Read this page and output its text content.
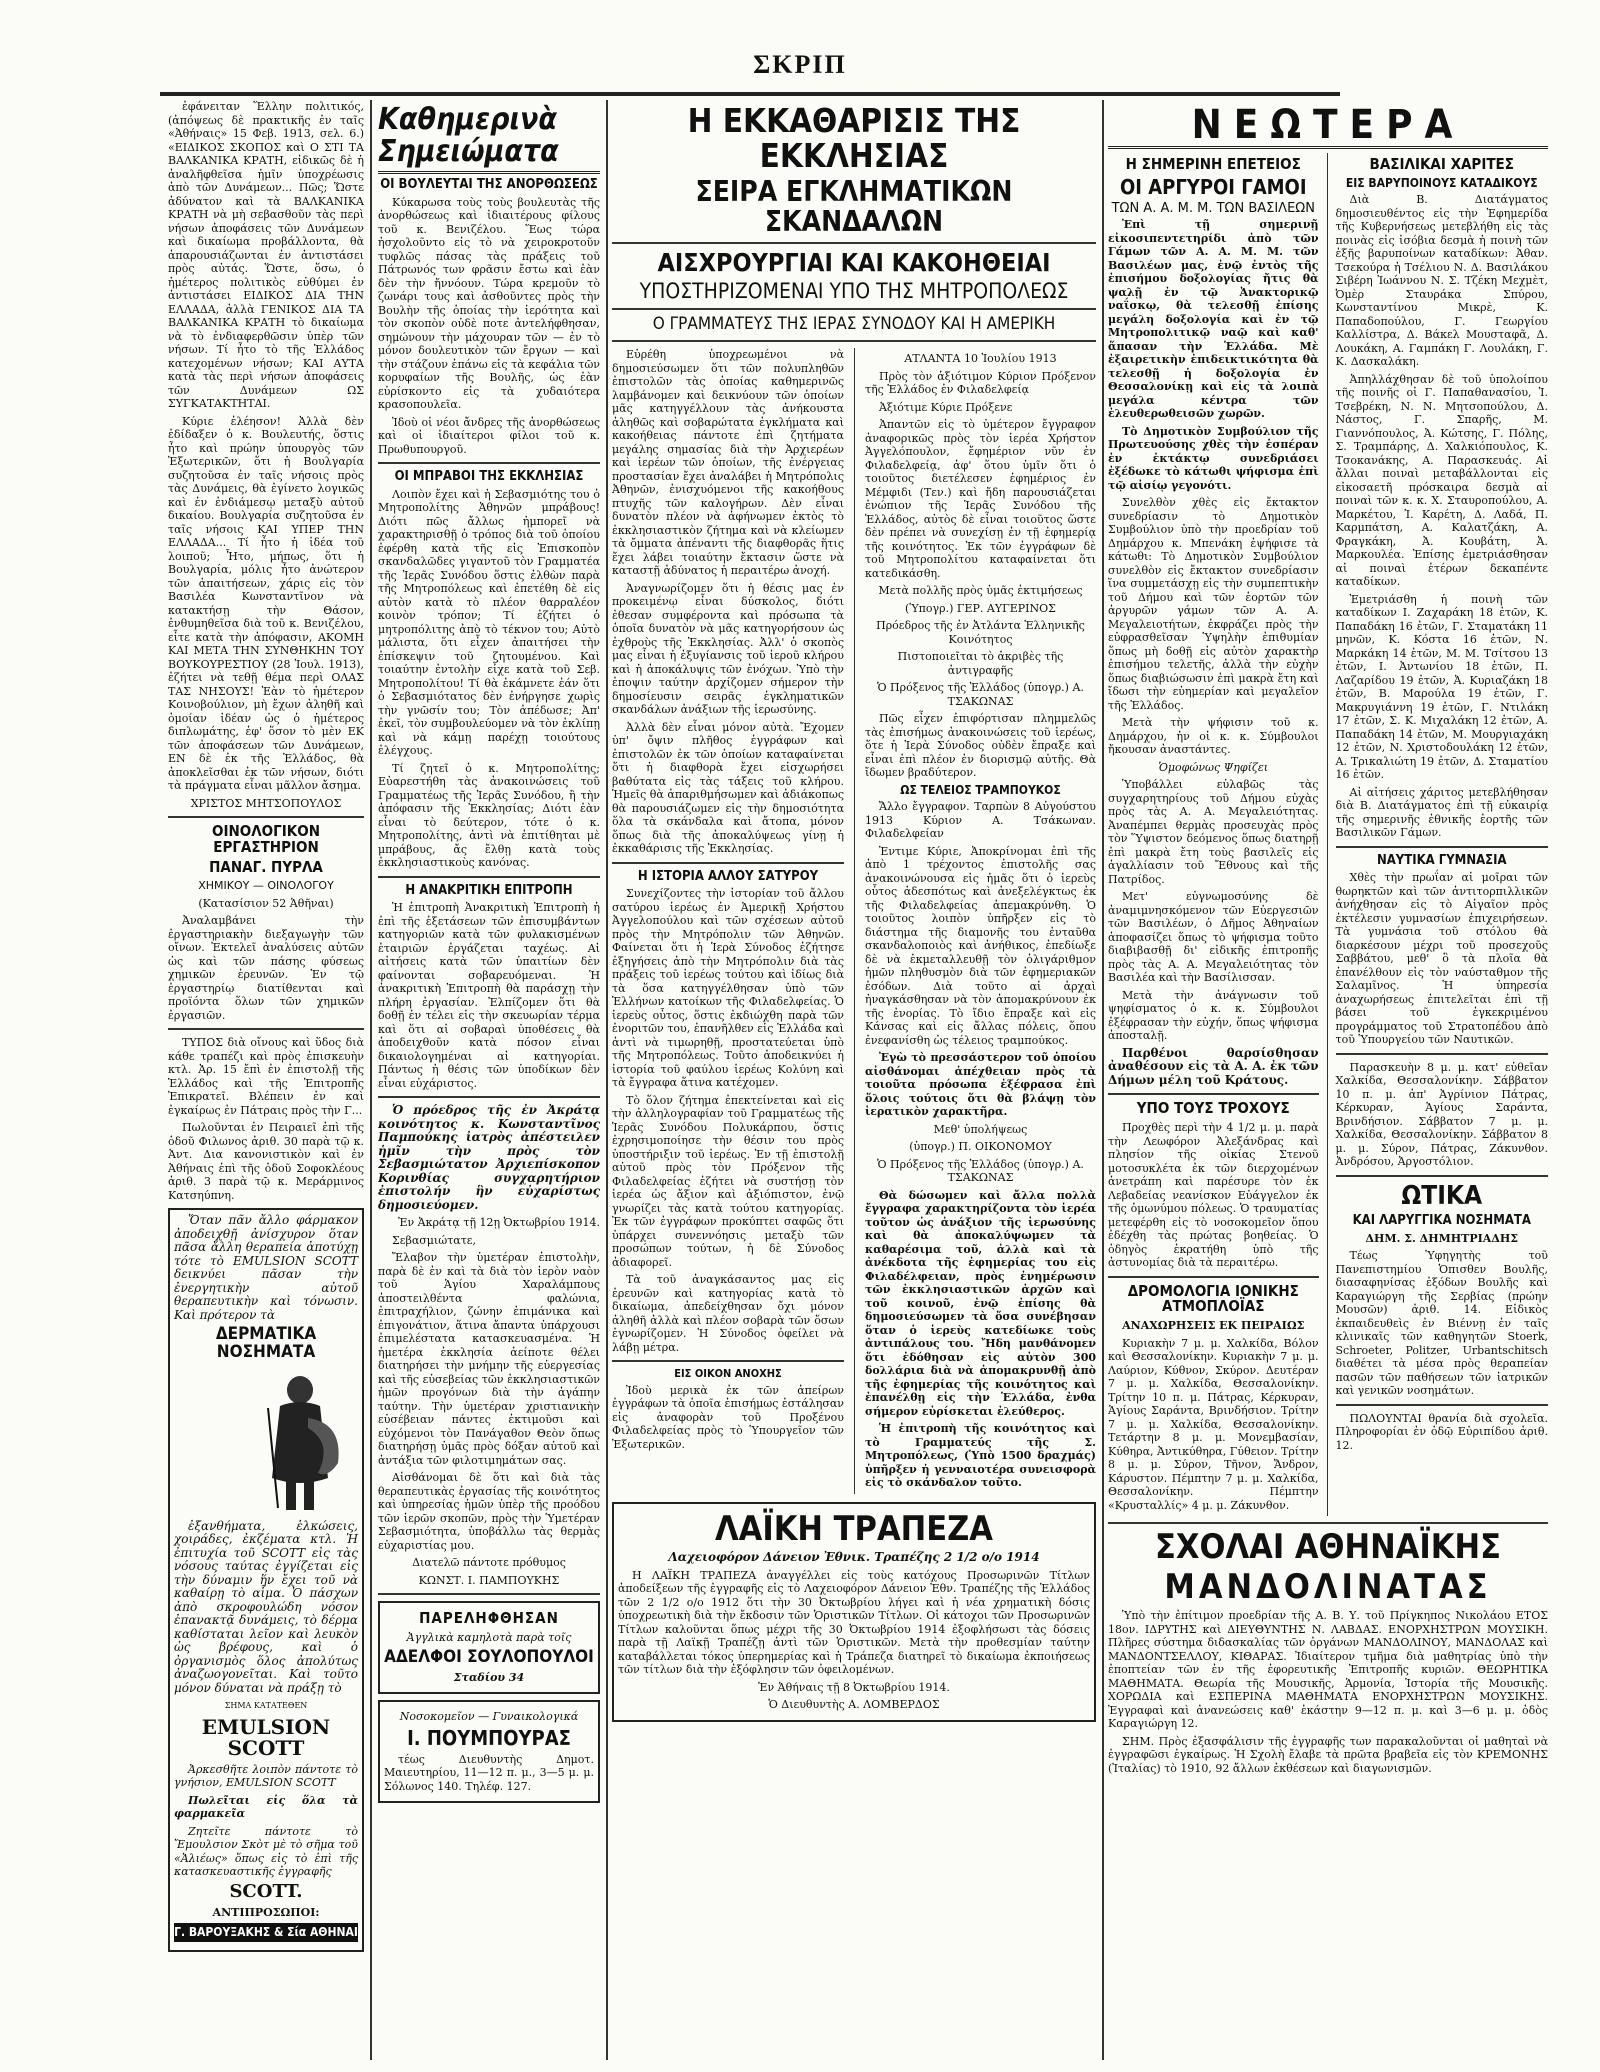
ΣΚΡΙΠ

ἐφάνειταν Ἕλλην πολιτικός, (ἀπόψεως δὲ πρακτικῆς ἐν ταῖς «Ἀθήναις» 15 Φεβ. 1913, σελ. 6.) «ΕΙΔΙΚΟΣ ΣΚΟΠΟΣ καὶ Ο ΣΤΙ ΤΑ ΒΑΛΚΑΝΙΚΑ ΚΡΑΤΗ, εἰδικῶς δὲ ἡ ἀναλῆφθεῖσα ἡμῖν ὑποχρέωσις ἀπὸ τῶν Δυνάμεων... Πῶς; Ὥστε ἀδύνατον καὶ τὰ ΒΑΛΚΑΝΙΚΑ ΚΡΑΤΗ νὰ μὴ σεβασθοῦν τὰς περὶ νήσων ἀποφάσεις τῶν Δυνάμεων καὶ δικαίωμα προβάλλοντα, θὰ ἀπαρουσιάζωνται ἐν ἀντιστάσει πρὸς αὐτάς. Ὥστε, ὅσω, ὁ ἡμέτερος πολιτικὸς εὐθύμει ἐν ἀντιστάσει ΕΙΔΙΚΟΣ ΔΙΑ ΤΗΝ ΕΛΛΑΔΑ, ἀλλὰ ΓΕΝΙΚΟΣ ΔΙΑ ΤΑ ΒΑΛΚΑΝΙΚΑ ΚΡΑΤΗ τὸ δικαίωμα νὰ τὸ ἐνδιαφερθῶσιν ὑπὲρ τῶν νήσων. Τί ἦτο τὸ τῆς Ἑλλάδος κατεχομένων νήσων; ΚΑΙ ΑΥΤΑ κατὰ τὰς περὶ νήσων ἀποφάσεις τῶν Δυνάμεων ΩΣ ΣΥΓΚΑΤΑΚΤΗΤΑΙ.

Κύριε ἐλέησον! Ἀλλὰ δὲν ἐδίδαξεν ὁ κ. Βουλευτής, ὅστις ἦτο καὶ πρώην ὑπουργὸς τῶν Ἐξωτερικῶν, ὅτι ἡ Βουλγαρία συζητοῦσα ἐν ταῖς νήσοις πρὸς τὰς Δυνάμεις, θὰ ἐγίνετο λογικῶς καὶ ἐν ἐνδιάμεσῳ μεταξὺ αὐτοῦ δικαίου. Βουλγαρία συζητοῦσα ἐν ταῖς νήσοις ΚΑΙ ΥΠΕΡ ΤΗΝ ΕΛΛΑΔΑ... Τί ἦτο ἡ ἰδέα τοῦ λοιποῦ; Ἦτο, μήπως, ὅτι ἡ Βουλγαρία, μόλις ἦτο ἀνώτερον τῶν ἀπαιτήσεων, χάρις εἰς τὸν Βασιλέα Κωνσταντῖνον νὰ κατακτήσῃ τὴν Θάσον, ἐνθυμηθεῖσα διὰ τοῦ κ. Βενιζέλου, εἶτε κατὰ τὴν ἀπόφασιν, ΑΚΟΜΗ ΚΑΙ ΜΕΤΑ ΤΗΝ ΣΥΝΘΗΚΗΝ ΤΟΥ ΒΟΥΚΟΥΡΕΣΤΙΟΥ (28 Ἰουλ. 1913), ἐζήτει νὰ τεθῇ θέμα περὶ ΟΛΑΣ ΤΑΣ ΝΗΣΟΥΣ! Ἐὰν τὸ ἡμέτερον Κοινοβούλιον, μὴ ἔχων ἀληθῆ καὶ ὁμοίαν ἰδέαν ὡς ὁ ἡμέτερος διπλωμάτης, ἐφ' ὅσον τὸ μὲν ΕΚ τῶν ἀποφάσεων τῶν Δυνάμεων, ΕΝ δὲ ἐκ τῆς Ἑλλάδος, θὰ ἀποκλεῖσθαι ἐκ τῶν νήσων, διότι τὰ πράγματα εἶναι μᾶλλον ἄσημα.

ΧΡΙΣΤΟΣ ΜΗΤΣΟΠΟΥΛΟΣ
ΟΙΝΟΛΟΓΙΚΟΝ ΕΡΓΑΣΤΗΡΙΟΝ
ΠΑΝΑΓ. ΠΥΡΛΑ
ΧΗΜΙΚΟΥ — ΟΙΝΟΛΟΓΟΥ
(Κατασίσιον 52 Ἀθῆναι)

Ἀναλαμβάνει τὴν ἐργαστηριακὴν διεξαγωγὴν τῶν οἴνων. Ἐκτελεῖ ἀναλύσεις αὐτῶν ὡς καὶ τῶν πάσης φύσεως χημικῶν ἐρευνῶν. Ἐν τῷ ἐργαστηρίῳ διατίθενται καὶ προϊόντα ὅλων τῶν χημικῶν ἐργασιῶν.

ΤΥΠΟΣ διὰ οἴνους καὶ ὕδος διὰ κάθε τραπέζι καὶ πρὸς ἐπισκευὴν κτλ. Ἀρ. 15 ἔπὶ ἐν ἐπιστολῇ τῆς Ἑλλάδος καὶ τῆς Ἐπιτροπῆς Ἐπικρατεῖ. Βλέπειν ἐν καὶ ἐγκαίρως ἐν Πάτραις πρὸς τὴν Γ...

Πωλοῦνται ἐν Πειραιεῖ ἐπὶ τῆς ὁδοῦ Φιλωνος ἀριθ. 30 παρὰ τῷ κ. Ἀντ. Δια κανονιστικὸν καὶ ἐν Ἀθήναις ἐπὶ τῆς ὁδοῦ Σοφοκλέους ἀριθ. 3 παρὰ τῷ κ. Μεράρμινος Κατσηύπνη.

Ὅταν πᾶν ἄλλο φάρμακον ἀποδειχθῇ ἀνίσχυρον ὅταν πᾶσα ἄλλη θεραπεία ἀποτύχῃ τότε τὸ EMULSION SCOTT δεικνύει πᾶσαν τὴν ἐνεργητικὴν αὐτοῦ θεραπευτικὴν καὶ τόνωσιν. Καὶ πρότερον τὰ

ΔΕΡΜΑΤΙΚΑ ΝΟΣΗΜΑΤΑ

ἐξανθήματα, ἑλκώσεις, χοιράδες, ἐκζέματα κτλ. Ἡ ἐπιτυχία τοῦ SCOTT εἰς τὰς νόσους ταύτας ἐγγίζεται εἰς τὴν δύναμιν ἥν ἔχει τοῦ νὰ καθαίρῃ τὸ αἷμα. Ὁ πάσχων ἀπὸ σκροφουλώδη νόσον ἐπανακτᾷ δυνάμεις, τὸ δέρμα καθίσταται λεῖον καὶ λευκὸν ὡς βρέφους, καὶ ὁ ὀργανισμὸς ὅλος ἀπολύτως ἀναζωογονεῖται. Καὶ τοῦτο μόνον δύναται νὰ πράξῃ τὸ

ΣΗΜΑ ΚΑΤΑΤΕΘΕΝ
EMULSION SCOTT

Ἀρκεσθῆτε λοιπὸν πάντοτε τὸ γνήσιον, EMULSION SCOTT

Πωλεῖται εἰς ὅλα τὰ φαρμακεῖα

Ζητεῖτε πάντοτε τὸ Ἔμουλσιον Σκὸτ μὲ τὸ σῆμα τοῦ «Ἀλιέως» ὅπως εἰς τὸ ἐπὶ τῆς κατασκευαστικῆς ἐγγραφῆς

SCOTT.
ΑΝΤΙΠΡΟΣΩΠΟΙ:
Γ. ΒΑΡΟΥΞΑΚΗΣ & Σία ΑΘΗΝΑΙ
Καθημερινὰ Σημειώματα
ΟΙ ΒΟΥΛΕΥΤΑΙ ΤΗΣ ΑΝΟΡΘΩΣΕΩΣ

Κύκαρωσα τοὺς τοὺς βουλευτὰς τῆς ἀνορθώσεως καὶ ἰδιαιτέρους φίλους τοῦ κ. Βενιζέλου. Ἕως τώρα ἠσχολοῦντο εἰς τὸ νὰ χειροκροτοῦν τυφλῶς πάσας τὰς πράξεις τοῦ Πάτρωνός των φρᾶσιν ἔστω καὶ ἐὰν δὲν τὴν ἤννόουν. Τώρα κρεμοῦν τὸ ζωνάρι τους καὶ ἀσθοῦντες πρὸς τὴν Βουλὴν τῆς ὁποίας τὴν ἱερότητα καὶ τὸν σκοπὸν οὐδὲ ποτε ἀντελήφθησαν, σημώνουν τὴν μάχουραν τῶν — ἐν τὸ μόνον δουλευτικὸν τῶν ἔργων — καὶ τὴν στάζουν ἐπάνω εἰς τὰ κεφάλια τῶν κορυφαίων τῆς Βουλῆς, ὡς ἐὰν εὐρίσκοντο εἰς τὰ χυδαιότερα κρασοπουλεῖα.

Ἰδοὺ οἱ νέοι ἄνδρες τῆς ἀνορθώσεως καὶ οἱ ἰδιαίτεροι φίλοι τοῦ κ. Πρωθυπουργοῦ.

ΟΙ ΜΠΡΑΒΟΙ ΤΗΣ ΕΚΚΛΗΣΙΑΣ

Λοιπὸν ἔχει καὶ ἡ Σεβασμιότης του ὁ Μητροπολίτης Ἀθηνῶν μπράβους! Διότι πῶς ἄλλως ἠμπορεῖ νὰ χαρακτηρισθῇ ὁ τρόπος διὰ τοῦ ὁποίου ἐφέρθη κατὰ τῆς εἰς Ἐπισκοπὸν σκανδαλῶδες γιγαντοῦ τὸν Γραμματέα τῆς Ἱερᾶς Συνόδου ὅστις ἐλθὼν παρὰ τῆς Μητροπόλεως καὶ ἐπετέθη δὲ εἰς αὐτὸν κατὰ τὸ πλέον θαρραλέον κοινὸν τρόπον; Τί ἐζήτει ὁ μητροπόλιτης ἀπὸ τὸ τέκνον του; Αὐτὸ μάλιστα, ὅτι εἶχεν ἀπαιτήσει τὴν ἐπίσκεψιν τοῦ ζητουμένου. Καὶ τοιαύτην ἐντολὴν εἶχε κατὰ τοῦ Σεβ. Μητροπολίτου! Τί θὰ ἐκάμνετε ἐάν ὅτι ὁ Σεβασμιότατος δὲν ἐνήργησε χωρὶς τὴν γνῶσίν του; Τὸν ἀπέδωσε; Ἀπ' ἐκεῖ, τὸν συμβουλεύομεν νὰ τὸν ἐκλίπῃ καὶ νὰ κάμῃ παρέχῃ τοιούτους ἐλέγχους.

Τί ζητεῖ ὁ κ. Μητροπολίτης; Εὐαρεστήθη τὰς ἀνακοινώσεις τοῦ Γραμματέως τῆς Ἱερᾶς Συνόδου, ἢ τὴν ἀπόφασιν τῆς Ἐκκλησίας; Διότι ἐὰν εἶναι τὸ δεύτερον, τότε ὁ κ. Μητροπολίτης, ἀντὶ νὰ ἐπιτίθηται μὲ μπράβους, ἄς ἔλθῃ κατὰ τοὺς ἐκκλησιαστικοὺς κανόνας.

Η ΑΝΑΚΡΙΤΙΚΗ ΕΠΙΤΡΟΠΗ

Ἡ ἐπιτροπὴ Ἀνακριτικὴ Ἐπιτροπὴ ἡ ἐπὶ τῆς ἐξετάσεων τῶν ἐπισυμβάντων κατηγοριῶν κατὰ τῶν φυλακισμένων ἑταιριῶν ἐργάζεται ταχέως. Αἱ αἰτήσεις κατὰ τῶν ὑπαιτίων δὲν φαίνονται σοβαρευόμεναι. Ἡ ἀνακριτικὴ Ἐπιτροπὴ θὰ παράσχῃ τὴν πλήρη ἐργασίαν. Ἐλπίζομεν ὅτι θὰ δοθῇ ἐν τέλει εἰς τὴν σκευωρίαν τέρμα καὶ ὅτι αἱ σοβαραὶ ὑποθέσεις θὰ ἀποδειχθοῦν κατὰ πόσον εἶναι δικαιολογημέναι αἱ κατηγορίαι. Πάντως ἡ θέσις τῶν ὑποδίκων δὲν εἶναι εὐχάριστος.

Ὁ πρόεδρος τῆς ἐν Ἀκράτᾳ κοινότητος κ. Κωνσταντῖνος Παμπούκης ἰατρὸς ἀπέστειλεν ἡμῖν τὴν πρὸς τὸν Σεβασμιώτατον Ἀρχιεπίσκοπον Κορινθίας συγχαρητήριον ἐπιστολήν ἣν εὐχαρίστως δημοσιεύομεν.

Ἐν Ἀκράτᾳ τῇ 12ῃ Ὀκτωβρίου 1914.

Σεβασμιώτατε,

Ἔλαβον τὴν ὑμετέραν ἐπιστολὴν, παρὰ δὲ ἐν καὶ τὰ διὰ τὸν ἱερὸν ναὸν τοῦ Ἁγίου Χαραλάμπους ἀποστειλθέντα φαλώνια, ἐπιτραχήλιον, ζώνην ἐπιμάνικα καὶ ἐπιγονάτιον, ἅτινα ἄπαντα ὑπάρχουσι ἐπιμελέστατα κατασκευασμένα. Ἡ ἡμετέρα ἐκκλησία ἀείποτε θέλει διατηρήσει τὴν μνήμην τῆς εὐεργεσίας καὶ τῆς εὐσεβείας τῶν ἐκκλησιαστικῶν ἡμῶν προγόνων διὰ τὴν ἀγάπην ταύτην. Τὴν ὑμετέραν χριστιανικὴν εὐσέβειαν πάντες ἐκτιμοῦσι καὶ εὐχόμενοι τὸν Πανάγαθον Θεὸν ὅπως διατηρήσῃ ὑμᾶς πρὸς δόξαν αὐτοῦ καὶ ἀντάξια τῶν φιλοτιμημάτων σας.

Αἰσθάνομαι δὲ ὅτι καὶ διὰ τὰς θεραπευτικὰς ἐργασίας τῆς κοινότητος καὶ ὑπηρεσίας ἡμῶν ὑπὲρ τῆς προόδου τῶν ἱερῶν σκοπῶν, πρὸς τὴν Ὑμετέραν Σεβασμιότητα, ὑποβάλλω τὰς θερμὰς εὐχαριστίας μου.

Διατελῶ πάντοτε πρόθυμος
ΚΩΝΣΤ. Ι. ΠΑΜΠΟΥΚΗΣ
ΠΑΡΕΛΗΦΘΗΣΑΝ
Ἀγγλικὰ καμηλοτὰ παρὰ τοῖς
ΑΔΕΛΦΟΙ ΣΟΥΛΟΠΟΥΛΟΙ
Σταδίου 34
Νοσοκομεῖον — Γυναικολογικά
Ι. ΠΟΥΜΠΟΥΡΑΣ

τέως Διευθυντὴς Δημοτ. Μαιευτηρίου, 11—12 π. μ., 3—5 μ. μ. Σόλωνος 140. Τηλέφ. 127.

Η ΕΚΚΑΘΑΡΙΣΙΣ ΤΗΣ ΕΚΚΛΗΣΙΑΣ
ΣΕΙΡΑ ΕΓΚΛΗΜΑΤΙΚΩΝ ΣΚΑΝΔΑΛΩΝ
ΑΙΣΧΡΟΥΡΓΙΑΙ ΚΑΙ ΚΑΚΟΗΘΕΙΑΙ
ΥΠΟΣΤΗΡΙΖΟΜΕΝΑΙ ΥΠΟ ΤΗΣ ΜΗΤΡΟΠΟΛΕΩΣ
Ο ΓΡΑΜΜΑΤΕΥΣ ΤΗΣ ΙΕΡΑΣ ΣΥΝΟΔΟΥ ΚΑΙ Η ΑΜΕΡΙΚΗ

Εὑρέθη ὑποχρεωμένοι νὰ δημοσιεύσωμεν ὅτι τῶν πολυπληθῶν ἐπιστολῶν τὰς ὁποίας καθημερινῶς λαμβάνομεν καὶ δεικνύουν τῶν ὁποίων μᾶς κατηγγέλλουν τὰς ἀνήκουστα ἀληθῶς καὶ σοβαρώτατα ἐγκλήματα καὶ κακοήθειας πάντοτε ἐπὶ ζητήματα μεγάλης σημασίας διὰ τὴν Ἀρχιερέων καὶ ἱερέων τῶν ὁποίων, τῆς ἐνέργειας προστασίαν ἔχει ἀναλάβει ἡ Μητρόπολις Ἀθηνῶν, ἐνισχυόμενοι τῆς κακοήθους πτυχῆς τῶν καλογήρων. Δὲν εἶναι δυνατὸν πλέον νὰ ἀφήνωμεν ἐκτὸς τὸ ἐκκλησιαστικὸν ζήτημα καὶ νὰ κλείωμεν τὰ ὄμματα ἀπέναντι τῆς διαφθορᾶς ἥτις ἔχει λάβει τοιαύτην ἔκτασιν ὥστε νὰ καταστῇ ἀδύνατος ἡ περαιτέρω ἀνοχή.

Ἀναγνωρίζομεν ὅτι ἡ θέσις μας ἐν προκειμένῳ εἶναι δύσκολος, διότι ἐθεσαν συμφέροντα καὶ πρόσωπα τὰ ὁποῖα δυνατὸν νὰ μᾶς κατηγορήσουν ὡς ἐχθροὺς τῆς Ἐκκλησίας. Ἀλλ' ὁ σκοπὸς μας εἶναι ἡ ἐξυγίανσις τοῦ ἱεροῦ κλήρου καὶ ἡ ἀποκάλυψις τῶν ἐνόχων. Ὑπὸ τὴν ἐποψιν ταύτην ἀρχίζομεν σήμερον τὴν δημοσίευσιν σειρᾶς ἐγκληματικῶν σκανδάλων ἀνάξιων τῆς ἱερωσύνης.

Ἀλλὰ δὲν εἶναι μόνον αὐτὰ. Ἔχομεν ὑπ' ὄψιν πλῆθος ἐγγράφων καὶ ἐπιστολῶν ἐκ τῶν ὁποίων καταφαίνεται ὅτι ἡ διαφθορὰ ἔχει εἰσχωρήσει βαθύτατα εἰς τὰς τάξεις τοῦ κλήρου. Ἡμεῖς θὰ ἀπαριθμήσωμεν καὶ ἀδιάκοπως θὰ παρουσιάζωμεν εἰς τὴν δημοσιότητα ὅλα τὰ σκάνδαλα καὶ ἄτοπα, μόνον ὅπως διὰ τῆς ἀποκαλύψεως γίνῃ ἡ ἐκκαθάρισις τῆς Ἐκκλησίας.

Η ΙΣΤΟΡΙΑ ΑΛΛΟΥ ΣΑΤΥΡΟΥ

Συνεχίζοντες τὴν ἱστορίαν τοῦ ἄλλου σατύρου ἱερέως ἐν Ἀμερικῇ Χρήστου Ἀγγελοπούλου καὶ τῶν σχέσεων αὐτοῦ πρὸς τὴν Μητρόπολιν τῶν Ἀθηνῶν. Φαίνεται ὅτι ἡ Ἱερὰ Σύνοδος ἐζήτησε ἐξηγήσεις ἀπὸ τὴν Μητρόπολιν διὰ τὰς πράξεις τοῦ ἱερέως τούτου καὶ ἰδίως διὰ τὰ ὅσα κατηγγέλθησαν ὑπὸ τῶν Ἑλλήνων κατοίκων τῆς Φιλαδελφείας. Ὁ ἱερεὺς οὗτος, ὅστις ἐκδιώχθη παρὰ τῶν ἐνοριτῶν του, ἐπανῆλθεν εἰς Ἑλλάδα καὶ ἀντὶ νὰ τιμωρηθῇ, προστατεύεται ὑπὸ τῆς Μητροπόλεως. Τοῦτο ἀποδεικνύει ἡ ἱστορία τοῦ φαύλου ἱερέως Κολύνη καὶ τὰ ἔγγραφα ἅτινα κατέχομεν.

Τὸ ὅλον ζήτημα ἐπεκτείνεται καὶ εἰς τὴν ἀλληλογραφίαν τοῦ Γραμματέως τῆς Ἱερᾶς Συνόδου Πολυκάρπου, ὅστις ἐχρησιμοποίησε τὴν θέσιν του πρὸς ὑποστήριξιν τοῦ ἱερέως. Ἐν τῇ ἐπιστολῇ αὐτοῦ πρὸς τὸν Πρόξενον τῆς Φιλαδελφείας ἐζήτει νὰ συστήσῃ τὸν ἱερέα ὡς ἄξιον καὶ ἀξιόπιστον, ἐνῷ γνωρίζει τὰς κατὰ τούτου κατηγορίας. Ἐκ τῶν ἐγγράφων προκύπτει σαφῶς ὅτι ὑπάρχει συνεννόησις μεταξὺ τῶν προσώπων τούτων, ἡ δὲ Σύνοδος ἀδιαφορεῖ.

Τὰ τοῦ ἀναγκάσαντος μας εἰς ἐρευνῶν καὶ κατηγορίας κατὰ τὸ δικαίωμα, ἀπεδείχθησαν ὄχι μόνον ἀληθῆ ἀλλὰ καὶ πλέον σοβαρὰ τῶν ὅσων ἐγνωρίζομεν. Ἡ Σύνοδος ὀφείλει νὰ λάβῃ μέτρα.

ΕΙΣ ΟΙΚΟΝ ΑΝΟΧΗΣ

Ἰδοὺ μερικὰ ἐκ τῶν ἀπείρων ἐγγράφων τὰ ὁποῖα ἐπισήμως ἐστάλησαν εἰς ἀναφορὰν τοῦ Προξένου Φιλαδελφείας πρὸς τὸ Ὑπουργεῖον τῶν Ἐξωτερικῶν.

ΑΤΛΑΝΤΑ 10 Ἰουλίου 1913

Πρὸς τὸν ἀξιότιμον Κύριον Πρόξενον τῆς Ἑλλάδος ἐν Φιλαδελφείᾳ

Ἀξιότιμε Κύριε Πρόξενε

Ἀπαντῶν εἰς τὸ ὑμέτερον ἔγγραφον ἀναφορικῶς πρὸς τὸν ἱερέα Χρήστον Ἀγγελόπουλον, ἔφημέριον νῦν ἐν Φιλαδελφείᾳ, ἀφ' ὅτου ὑμῖν ὅτι ὁ τοιοῦτος διετέλεσεν ἐφημέριος ἐν Μέμφιδι (Τεν.) καὶ ἤδη παρουσιάζεται ἐνώπιον τῆς Ἱερᾶς Συνόδου τῆς Ἑλλάδος, αὐτὸς δὲ εἶναι τοιοῦτος ὥστε δὲν πρέπει νὰ συνεχίσῃ ἐν τῇ ἐφημερίᾳ τῆς κοινότητος. Ἐκ τῶν ἐγγράφων δὲ τοῦ Μητροπολίτου καταφαίνεται ὅτι κατεδικάσθη.

Μετὰ πολλῆς πρὸς ὑμᾶς ἐκτιμήσεως
(Ὑπογρ.) ΓΕΡ. ΑΥΓΕΡΙΝΟΣ
Πρόεδρος τῆς ἐν Ἀτλάντα Ἑλληνικῆς Κοινότητος
Πιστοποιεῖται τὸ ἀκριβὲς τῆς ἀντιγραφῆς
Ὁ Πρόξενος τῆς Ἑλλάδος (ὑπογρ.) Α. ΤΣΑΚΩΝΑΣ

Πῶς εἶχεν ἐπιφόρτισαν πλημμελῶς τὰς ἐπισήμως ἀνακοινώσεις τοῦ ἱερέως, ὅτε ἡ Ἱερὰ Σύνοδος οὐδὲν ἔπραξε καὶ εἶναι ἐπὶ πλέον ἐν διορισμῷ αὐτῆς. Θὰ ἴδωμεν βραδύτερον.

ΩΣ ΤΕΛΕΙΟΣ ΤΡΑΜΠΟΥΚΟΣ

Ἄλλο ἔγγραφον. Ταρπὼν 8 Αὐγούστου 1913 Κύριον Α. Τσάκωναν. Φιλαδελφείαν

Ἐντιμε Κύριε, Ἀποκρίνομαι ἐπὶ τῆς ἀπὸ 1 τρέχοντος ἐπιστολῆς σας ἀνακοινώνουσα εἰς ἡμᾶς ὅτι ὁ ἱερεὺς οὗτος ἀδεσπότως καὶ ἀνεξελέγκτως ἐκ τῆς Φιλαδελφείας ἀπεμακρύνθη. Ὁ τοιοῦτος λοιπὸν ὑπῆρξεν εἰς τὸ διάστημα τῆς διαμονῆς του ἐνταῦθα σκανδαλοποιὸς καὶ ἀνήθικος, ἐπεδίωξε δὲ νὰ ἐκμεταλλευθῇ τὸν ὀλιγάριθμον ἡμῶν πληθυσμὸν διὰ τῶν ἐφημεριακῶν ἐσόδων. Διὰ τοῦτο αἱ ἀρχαὶ ἠναγκάσθησαν νὰ τὸν ἀπομακρύνουν ἐκ τῆς ἐνορίας. Τὸ ἴδιο ἔπραξε καὶ εἰς Κάνσας καὶ εἰς ἄλλας πόλεις, ὅπου ἐνεφανίσθη ὡς τέλειος τραμπούκος.

Ἐγὼ τὸ πρεσσάστερον τοῦ ὁποίου αἰσθάνομαι ἀπέχθειαν πρὸς τὰ τοιοῦτα πρόσωπα ἐξέφρασα ἐπὶ ὅλοις τούτοις ὅτι θὰ βλάψῃ τὸν ἱερατικὸν χαρακτῆρα.

Μεθ' ὑπολήψεως
(ὑπογρ.) Π. ΟΙΚΟΝΟΜΟΥ
Ὁ Πρόξενος τῆς Ἑλλάδος (ὑπογρ.) Α. ΤΣΑΚΩΝΑΣ

Θὰ δώσωμεν καὶ ἄλλα πολλὰ ἔγγραφα χαρακτηρίζοντα τὸν ἱερέα τοῦτον ὡς ἀνάξιον τῆς ἱερωσύνης καὶ θὰ ἀποκαλύψωμεν τὰ καθαρέσιμα τοῦ, ἀλλὰ καὶ τὰ ἀνέκδοτα τῆς ἐφημερίας του εἰς Φιλαδέλφειαν, πρὸς ἐνημέρωσιν τῶν ἐκκλησιαστικῶν ἀρχῶν καὶ τοῦ κοινοῦ, ἐνῷ ἐπίσης θὰ δημοσιεύσωμεν τὰ ὅσα συνέβησαν ὅταν ὁ ἱερεὺς κατεδίωκε τοὺς ἀντιπάλους του. Ἤδη μανθάνομεν ὅτι ἐδόθησαν εἰς αὐτὸν 300 δολλάρια διὰ νὰ ἀπομακρυνθῇ ἀπὸ τῆς ἐφημερίας τῆς κοινότητος καὶ ἐπανέλθῃ εἰς τὴν Ἑλλάδα, ἐνθα σήμερον εὑρίσκεται ἐλεύθερος.

Ἡ ἐπιτροπὴ τῆς κοινότητος καὶ τὸ Γραμματεύς τῆς Σ. Μητροπόλεως, (Ὑπὸ 1500 δραχμάς) ὑπῆρξεν ἡ γενναιοτέρα συνεισφορὰ εἰς τὸ σκάνδαλον τοῦτο.

ΛΑΪΚΗ ΤΡΑΠΕΖΑ
Λαχειοφόρον Δάνειον Ἐθνικ. Τραπέζης 2 1/2 ο/ο 1914

Η ΛΑΪΚΗ ΤΡΑΠΕΖΑ ἀναγγέλλει εἰς τοὺς κατόχους Προσωρινῶν Τίτλων ἀποδείξεων τῆς ἐγγραφῆς εἰς τὸ Λαχειοφόρον Δάνειον Ἐθν. Τραπέζης τῆς Ἑλλάδος τῶν 2 1/2 ο/ο 1912 ὅτι τὴν 30 Ὀκτωβρίου λήγει καὶ ἡ νέα χρηματικὴ δόσις ὑποχρεωτικὴ διὰ τὴν ἔκδοσιν τῶν Ὁριστικῶν Τίτλων. Οἱ κάτοχοι τῶν Προσωρινῶν Τίτλων καλοῦνται ὅπως μέχρι τῆς 30 Ὀκτωβρίου 1914 ἐξοφλήσωσι τὰς δόσεις παρὰ τῇ Λαϊκῇ Τραπέζῃ ἀντὶ τῶν Ὁριστικῶν. Μετὰ τὴν προθεσμίαν ταύτην καταβάλλεται τόκος ὑπερημερίας καὶ ἡ Τράπεζα διατηρεῖ τὸ δικαίωμα ἐκποιήσεως τῶν τίτλων διὰ τὴν ἐξόφλησιν τῶν ὀφειλομένων.

Ἐν Ἀθήναις τῇ 8 Ὀκτωβρίου 1914.
Ὁ Διευθυντὴς Α. ΛΟΜΒΕΡΔΟΣ
ΝΕΩΤΕΡΑ
Η ΣΗΜΕΡΙΝΗ ΕΠΕΤΕΙΟΣ
ΟΙ ΑΡΓΥΡΟΙ ΓΑΜΟΙ
ΤΩΝ Α. Α. Μ. Μ. ΤΩΝ ΒΑΣΙΛΕΩΝ

Ἐπὶ τῇ σημερινῇ εἰκοσιπεντετηρίδι ἀπὸ τῶν Γάμων τῶν Α. Α. Μ. Μ. τῶν Βασιλέων μας, ἐνῷ ἐντὸς τῆς ἐπισήμου δοξολογίας ἤτις θὰ ψαλῇ ἐν τῷ Ἀνακτορικῷ ναΐσκῳ, θὰ τελεσθῇ ἐπίσης μεγάλη δοξολογία καὶ ἐν τῷ Μητροπολιτικῷ ναῷ καὶ καθ' ἅπασαν τὴν Ἑλλάδα. Μὲ ἐξαιρετικὴν ἐπιδεικτικότητα θὰ τελεσθῇ ἡ δοξολογία ἐν Θεσσαλονίκῃ καὶ εἰς τὰ λοιπὰ μεγάλα κέντρα τῶν ἐλευθερωθεισῶν χωρῶν.

Τὸ Δημοτικὸν Συμβούλιον τῆς Πρωτευούσης χθὲς τὴν ἑσπέραν ἐν ἐκτάκτῳ συνεδριάσει ἐξέδωκε τὸ κάτωθι ψήφισμα ἐπὶ τῷ αἰσίῳ γεγονότι.

Συνελθὸν χθὲς εἰς ἔκτακτον συνεδρίασιν τὸ Δημοτικὸν Συμβούλιον ὑπὸ τὴν προεδρίαν τοῦ Δημάρχου κ. Μπενάκη ἐψήφισε τὰ κάτωθι: Τὸ Δημοτικὸν Συμβούλιον συνελθὸν εἰς ἔκτακτον συνεδρίασιν ἵνα συμμετάσχῃ εἰς τὴν συμπεπτικὴν τοῦ Δήμου καὶ τῶν ἑορτῶν τῶν ἀργυρῶν γάμων τῶν Α. Α. Μεγαλειοτήτων, ἐκφράζει πρὸς τὴν εὐφρασθεῖσαν Ὑψηλὴν ἐπιθυμίαν ὅπως μὴ δοθῇ εἰς αὐτὸν χαρακτὴρ ἐπισήμου τελετῆς, ἀλλὰ τὴν εὐχὴν ὅπως διαβιώσωσιν ἐπὶ μακρὰ ἔτη καὶ ἴδωσι τὴν εὐημερίαν καὶ μεγαλεῖον τῆς Ἑλλάδος.

Μετὰ τὴν ψήφισιν τοῦ κ. Δημάρχου, ἡν οἱ κ. κ. Σύμβουλοι ἤκουσαν ἀναστάντες.

Ὁμοφώνως Ψηφίζει

Ὑποβάλλει εὐλαβῶς τὰς συγχαρητηρίους τοῦ Δήμου εὐχὰς πρὸς τὰς Α. Α. Μεγαλειότητας. Ἀναπέμπει θερμὰς προσευχὰς πρὸς τὸν Ὕψιστον δεόμενος ὅπως διατηρῇ ἐπὶ μακρὰ ἔτη τοὺς βασιλεῖς εἰς ἀγαλλίασιν τοῦ Ἔθνους καὶ τῆς Πατρίδος.

Μετ' εὐγνωμοσύνης δὲ ἀναμιμνησκόμενον τῶν Εὐεργεσιῶν τῶν Βασιλέων, ὁ Δῆμος Ἀθηναίων ἀποφασίζει ὅπως τὸ ψήφισμα τοῦτο διαβιβασθῇ δι' εἰδικῆς ἐπιτροπῆς πρὸς τὰς Α. Α. Μεγαλειότητας τὸν Βασιλέα καὶ τὴν Βασίλισσαν.

Μετὰ τὴν ἀνάγνωσιν τοῦ ψηφίσματος ὁ κ. κ. Σύμβουλοι ἐξέφρασαν τὴν εὐχήν, ὅπως ψήφισμα ἀποσταλῇ.

Παρθένοι θαρσίσθησαν ἀναθέσουν εἰς τὰ Α. Α. ἐκ τῶν Δήμων μέλη τοῦ Κράτους.

ΥΠΟ ΤΟΥΣ ΤΡΟΧΟΥΣ

Προχθὲς περὶ τὴν 4 1/2 μ. μ. παρὰ τὴν Λεωφόρον Ἀλεξάνδρας καὶ πλησίον τῆς οἰκίας Στενοῦ μοτοσυκλέτα ἐκ τῶν διερχομένων ἀνετράπη καὶ παρέσυρε τὸν ἐκ Λεβαδείας νεανίσκον Εὐάγγελον ἐκ τῆς ὁμωνύμου πόλεως. Ὁ τραυματίας μετεφέρθη εἰς τὸ νοσοκομεῖον ὅπου ἐδέχθη τὰς πρώτας βοηθείας. Ὁ ὁδηγὸς ἐκρατήθη ὑπὸ τῆς ἀστυνομίας διὰ τὰ περαιτέρω.

ΔΡΟΜΟΛΟΓΙΑ ΙΟΝΙΚΗΣ ΑΤΜΟΠΛΟΪΑΣ
ΑΝΑΧΩΡΗΣΕΙΣ ΕΚ ΠΕΙΡΑΙΩΣ

Κυριακὴν 7 μ. μ. Χαλκίδα, Βόλον καὶ Θεσσαλονίκην. Κυριακὴν 7 μ. μ. Λαύριον, Κύθνον, Σκύρον. Δευτέραν 7 μ. μ. Χαλκίδα, Θεσσαλονίκην. Τρίτην 10 π. μ. Πάτρας, Κέρκυραν, Ἁγίους Σαράντα, Βρινδήσιον. Τρίτην 7 μ. μ. Χαλκίδα, Θεσσαλονίκην. Τετάρτην 8 μ. μ. Μονεμβασίαν, Κύθηρα, Ἀντικύθηρα, Γύθειον. Τρίτην 8 μ. μ. Σύρον, Τῆνον, Ἄνδρον, Κάρυστον. Πέμπτην 7 μ. μ. Χαλκίδα, Θεσσαλονίκην. Πέμπτην «Κρυσταλλίς» 4 μ. μ. Ζάκυνθον.

ΒΑΣΙΛΙΚΑΙ ΧΑΡΙΤΕΣ
ΕΙΣ ΒΑΡΥΠΟΙΝΟΥΣ ΚΑΤΑΔΙΚΟΥΣ

Διὰ Β. Διατάγματος δημοσιευθέντος εἰς τὴν Ἐφημερίδα τῆς Κυβερνήσεως μετεβλήθη εἰς τὰς ποινὰς εἰς ἰσόβια δεσμὰ ἡ ποινὴ τῶν ἑξῆς βαρυποίνων καταδίκων: Ἀθαν. Τσεκούρα ἡ Τσέλιου Ν. Δ. Βασιλάκου Σιβέρη Ἰωάννου Ν. Σ. Τζέκη Μεχμὲτ, Ὀμὲρ Σταυράκα Σπύρου, Κωνσταντίνου Μικρὲ, Κ. Παπαδοπούλου, Γ. Γεωργίου Καλλίστρα, Δ. Βάκελ Μουσταφᾶ, Δ. Λουκάκη, Α. Γαμπάκη Γ. Λουλάκη, Γ. Κ. Δασκαλάκη.

Ἀπηλλάχθησαν δὲ τοῦ ὑπολοίπου τῆς ποινῆς οἱ Γ. Παπαθανασίου, Ἰ. Τσεβρέκη, Ν. Ν. Μητσοπούλου, Δ. Νάστος, Γ. Σπαρῆς, Μ. Γιαννόπουλος, Ἀ. Κώτσης, Γ. Πόλης, Σ. Τραμπάρης, Δ. Χαλκιόπουλος, Κ. Τσοκανάκης, Α. Παρασκευάς. Αἱ ἄλλαι ποιναὶ μεταβάλλονται εἰς εἰκοσαετῆ πρόσκαιρα δεσμὰ αἱ ποιναὶ τῶν κ. κ. Χ. Σταυροπούλου, Α. Μαρκέτου, Ἰ. Καρέτη, Δ. Λαδά, Π. Καρμπάτση, Α. Καλατζάκη, Α. Φραγκάκη, Ἀ. Κουβάτη, Ἀ. Μαρκουλέα. Ἐπίσης ἐμετριάσθησαν αἱ ποιναὶ ἑτέρων δεκαπέντε καταδίκων.

Ἐμετριάσθη ἡ ποινὴ τῶν καταδίκων Ι. Ζαχαράκη 18 ἐτῶν, Κ. Παπαδάκη 16 ἐτῶν, Γ. Σταματάκη 11 μηνῶν, Κ. Κόστα 16 ἐτῶν, Ν. Μαρκάκη 14 ἐτῶν, Μ. Μ. Τσίτσου 13 ἐτῶν, Ι. Ἀντωνίου 18 ἐτῶν, Π. Λαζαρίδου 19 ἐτῶν, Ἀ. Κυριαζάκη 18 ἐτῶν, Β. Μαρούλα 19 ἐτῶν, Γ. Μακρυγιάννη 19 ἐτῶν, Γ. Ντιλάκη 17 ἐτῶν, Σ. Κ. Μιχαλάκη 12 ἐτῶν, Α. Παπαδάκη 14 ἐτῶν, Μ. Μουργιαχάκη 12 ἐτῶν, Ν. Χριστοδουλάκη 12 ἐτῶν, Α. Τρικαλιώτη 19 ἐτῶν, Δ. Σταματίου 16 ἐτῶν.

Αἱ αἰτήσεις χάριτος μετεβλήθησαν διὰ Β. Διατάγματος ἐπὶ τῇ εὐκαιρίᾳ τῆς σημερινῆς ἐθνικῆς ἑορτῆς τῶν Βασιλικῶν Γάμων.

ΝΑΥΤΙΚΑ ΓΥΜΝΑΣΙΑ

Χθὲς τὴν πρωΐαν αἱ μοῖραι τῶν θωρηκτῶν καὶ τῶν ἀντιτορπιλλικῶν ἀνήχθησαν εἰς τὸ Αἰγαῖον πρὸς ἐκτέλεσιν γυμνασίων ἐπιχειρήσεων. Τὰ γυμνάσια τοῦ στόλου θὰ διαρκέσουν μέχρι τοῦ προσεχοῦς Σαββάτου, μεθ' ὃ τὰ πλοῖα θὰ ἐπανέλθουν εἰς τὸν ναύσταθμον τῆς Σαλαμῖνος. Ἡ ὑπηρεσία ἀναχωρήσεως ἐπιτελεῖται ἐπὶ τῇ βάσει τοῦ ἐγκεκριμένου προγράμματος τοῦ Στρατοπέδου ἀπὸ τοῦ Ὑπουργείου τῶν Ναυτικῶν.

Παρασκευὴν 8 μ. μ. κατ' εὐθεῖαν Χαλκίδα, Θεσσαλονίκην. Σάββατον 10 π. μ. ἀπ' Ἀγρίνιον Πάτρας, Κέρκυραν, Ἁγίους Σαράντα, Βρινδήσιον. Σάββατον 7 μ. μ. Χαλκίδα, Θεσσαλονίκην. Σάββατον 8 μ. μ. Σύρον, Πάτρας, Ζάκυνθον. Ἀνδρόσου, Ἀργοστόλιον.

ΩΤΙΚΑ
ΚΑΙ ΛΑΡΥΓΓΙΚΑ ΝΟΣΗΜΑΤΑ
ΔΗΜ. Σ. ΔΗΜΗΤΡΙΑΔΗΣ

Τέως Ὑφηγητὴς τοῦ Πανεπιστημίου Ὁπισθεν Βουλῆς, διασαφηνίσας ἐξόδων Βουλῆς καὶ Καραγιώργη τῆς Σερβίας (πρώην Μουσῶν) ἀριθ. 14. Εἰδικὸς ἐκπαιδευθεὶς ἐν Βιέννῃ ἐν ταῖς κλινικαῖς τῶν καθηγητῶν Stoerk, Schroeter, Politzer, Urbantschitsch διαθέτει τὰ μέσα πρὸς θεραπείαν πασῶν τῶν παθήσεων τῶν ἰατρικῶν καὶ γενικῶν νοσημάτων.

ΠΩΛΟΥΝΤΑΙ θρανία διὰ σχολεῖα. Πληροφορίαι ἐν ὁδῷ Εὐριπίδου ἀριθ. 12.

ΣΧΟΛΑΙ ΑΘΗΝΑΪΚΗΣ
ΜΑΝΔΟΛΙΝΑΤΑΣ

Ὑπὸ τὴν ἐπίτιμον προεδρίαν τῆς Α. Β. Υ. τοῦ Πρίγκηπος Νικολάου ΕΤΟΣ 18ον. ΙΔΡΥΤΗΣ καὶ ΔΙΕΥΘΥΝΤΗΣ Ν. ΛΑΒΔΑΣ. ΕΝΟΡΧΗΣΤΡΩΝ ΜΟΥΣΙΚΗ. Πλῆρες σύστημα διδασκαλίας τῶν ὀργάνων ΜΑΝΔΟΛΙΝΟΥ, ΜΑΝΔΟΛΑΣ καὶ ΜΑΝΔΟΝΤΣΕΛΛΟΥ, ΚΙΘΑΡΑΣ. Ἰδιαίτερον τμῆμα διὰ μαθητρίας ὑπὸ τὴν ἐποπτείαν τῶν ἐν τῆς ἐφορευτικῆς Ἐπιτροπῆς κυριῶν. ΘΕΩΡΗΤΙΚΑ ΜΑΘΗΜΑΤΑ. Θεωρία τῆς Μουσικῆς, Ἁρμονία, Ἱστορία τῆς Μουσικῆς. ΧΟΡΩΔΙΑ καὶ ΕΣΠΕΡΙΝΑ ΜΑΘΗΜΑΤΑ ΕΝΟΡΧΗΣΤΡΩΝ ΜΟΥΣΙΚΗΣ. Ἐγγραφαὶ καὶ ἀνανεώσεις καθ' ἑκάστην 9—12 π. μ. καὶ 3—6 μ. μ. ὁδὸς Καραγιώργη 12.

ΣΗΜ. Πρὸς ἐξασφάλισιν τῆς ἐγγραφῆς των παρακαλοῦνται οἱ μαθηταὶ νὰ ἐγγραφῶσι ἐγκαίρως. Ἡ Σχολὴ ἔλαβε τὰ πρῶτα βραβεῖα εἰς τὸν ΚΡΕΜΟΝΗΣ (Ἰταλίας) τὸ 1910, 92 ἄλλων ἐκθέσεων καὶ διαγωνισμῶν.
